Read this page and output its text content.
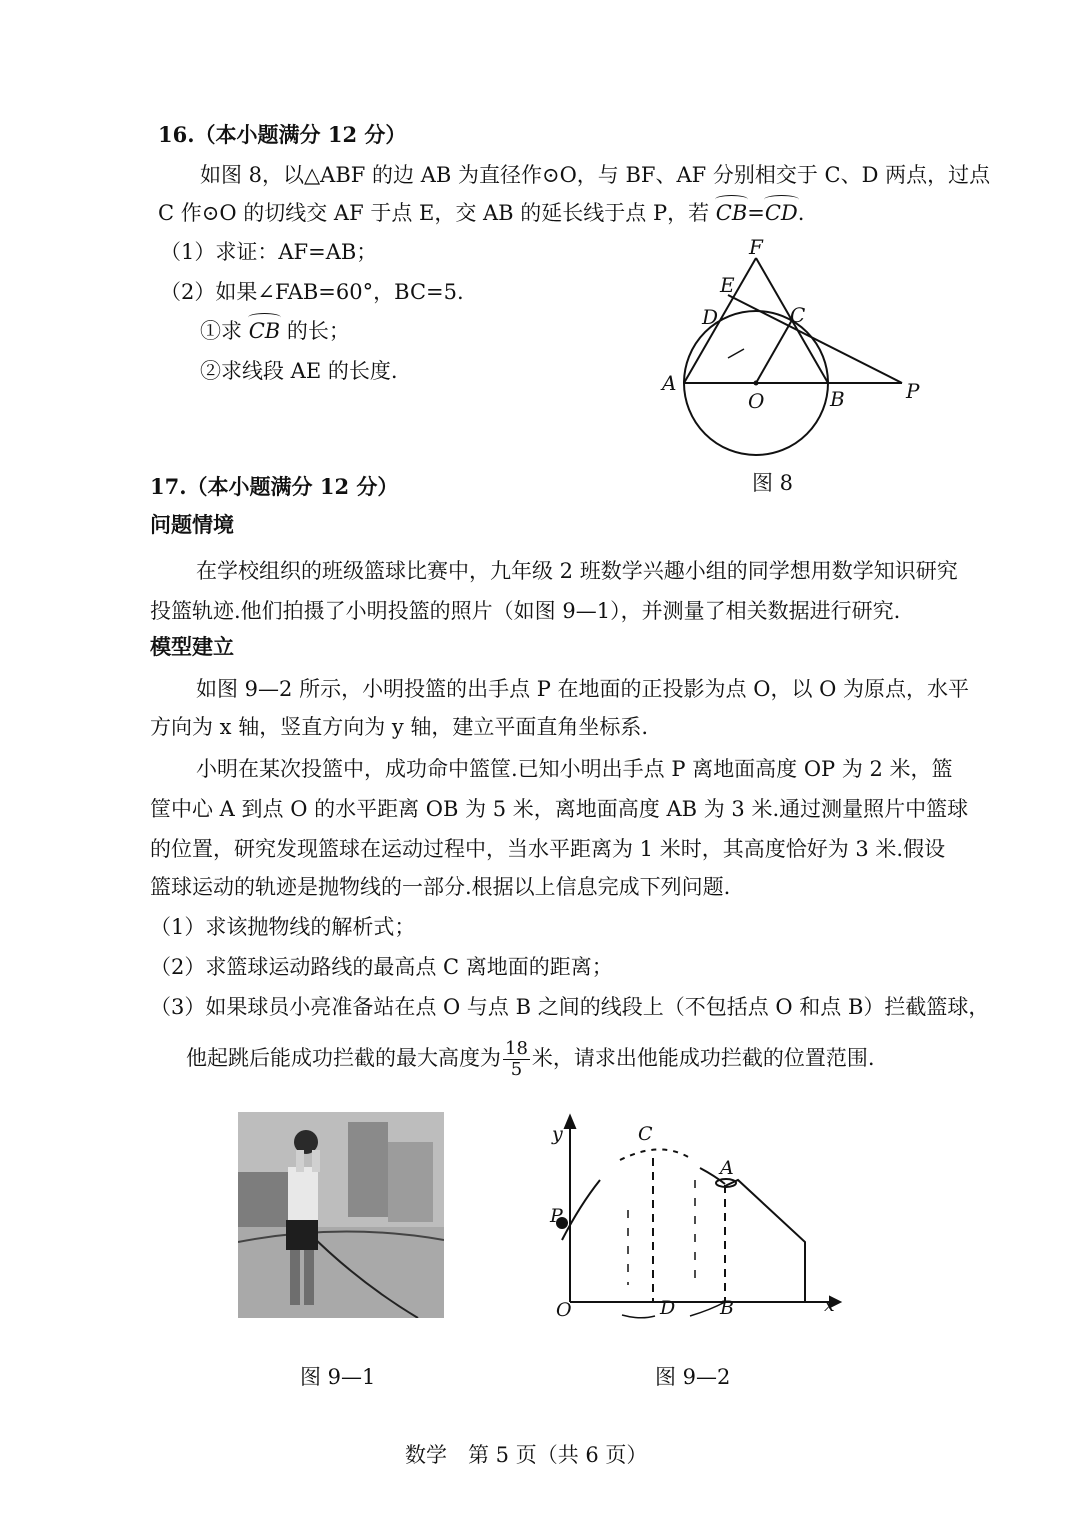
16.（本小题满分 12 分）
如图 8，以△ABF 的边 AB 为直径作⊙O，与 BF、AF 分别相交于 C、D 两点，过点
C 作⊙O 的切线交 AF 于点 E，交 AB 的延长线于点 P，若 CB=CD.
（1）求证：AF=AB；
（2）如果∠FAB=60°，BC=5.
①求 CB 的长；
②求线段 AE 的长度.
F
E
D	C
A
O	B	P
图 8
17.（本小题满分 12 分）
问题情境
在学校组织的班级篮球比赛中，九年级 2 班数学兴趣小组的同学想用数学知识研究
投篮轨迹.他们拍摄了小明投篮的照片（如图 9—1），并测量了相关数据进行研究.
模型建立
如图 9—2 所示，小明投篮的出手点 P 在地面的正投影为点 O，以 O 为原点，水平
方向为 x 轴，竖直方向为 y 轴，建立平面直角坐标系.
小明在某次投篮中，成功命中篮筐.已知小明出手点 P 离地面高度 OP 为 2 米，篮
筐中心 A 到点 O 的水平距离 OB 为 5 米，离地面高度 AB 为 3 米.通过测量照片中篮球
的位置，研究发现篮球在运动过程中，当水平距离为 1 米时，其高度恰好为 3 米.假设
篮球运动的轨迹是抛物线的一部分.根据以上信息完成下列问题.
（1）求该抛物线的解析式；
（2）求篮球运动路线的最高点 C 离地面的距离；
（3）如果球员小亮准备站在点 O 与点 B 之间的线段上（不包括点 O 和点 B）拦截篮球，
他起跳后能成功拦截的最大高度为 $\frac{18}{5}$ 米，请求出他能成功拦截的位置范围.
图 9—1
y
x
C
A
P
O	D B
图 9—2
数学　第 5 页（共 6 页）
